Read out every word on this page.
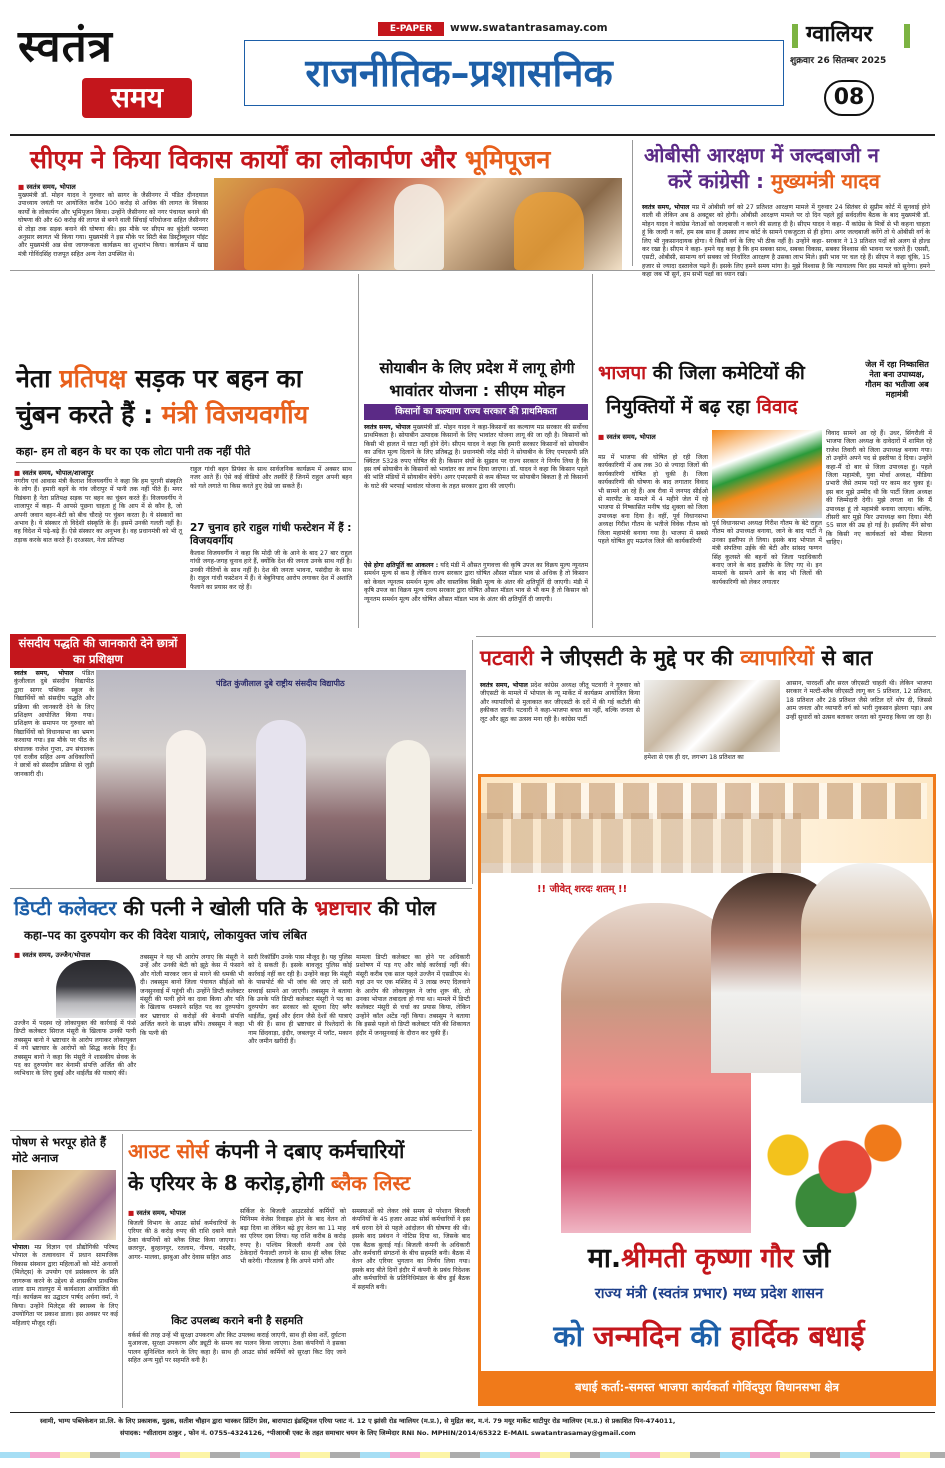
स्वतंत्र
समय
E-PAPER	www.swatantrasamay.com
राजनीतिक–प्रशासनिक
ग्वालियर
शुक्रवार 26 सितम्बर 2025
08
सीएम ने किया विकास कार्यों का लोकार्पण और भूमिपूजन
■ स्वतंत्र समय, भोपाल
मुख्यमंत्री डॉ. मोहन यादव ने गुरुवार को सागर के जैसीनगर में पंडित दीनदयाल उपाध्याय जयंती पर आयोजित करीब 100 करोड़ से अधिक की लागत के विकास कार्यों के लोकार्पण और भूमिपूजन किया। उन्होंने जैसीनगर को नगर पंचायत बनाने की घोषणा की और 60 करोड़ की लागत से बनने वाली सिंचाई परियोजना सहित जैसीनगर से तोड़ा तक सड़क बनाने की घोषणा की। इस मौके पर सीएम का बुंदेली परम्परा अनुसार स्वागत भी किया गया। मुख्यमंत्री ने इस मौके पर सिटी बेस डिस्ट्रीब्यूशन पॉइंट और मुख्यमंत्री अन्न सेवा जागरूकता कार्यक्रम का शुभारंभ किया। कार्यक्रम में खाद्य मंत्री गोविंदसिंह राजपूत सहित अन्य नेता उपस्थित थे।
ओबीसी आरक्षण में जल्दबाजी न
करें कांग्रेसी : मुख्यमंत्री यादव
स्वतंत्र समय, भोपाल मप्र में ओबीसी वर्ग को 27 प्रतिशत आरक्षण मामले में गुरुवार 24 सितंबर से सुप्रीम कोर्ट में सुनवाई होने वाली थी लेकिन अब 8 अक्टूबर को होगी। ओबीसी आरक्षण मामले पर दो दिन पहले हुई सर्वदलीय बैठक के बाद मुख्यमंत्री डॉ. मोहन यादव ने कांग्रेस नेताओं को जल्दबाजी न करने की सलाह दी है। सीएम यादव ने कहा- मैं कांग्रेस के मित्रों से भी कहना चाहता हूं कि जल्दी न करें, हम सब साथ हैं उसका लाभ कोर्ट के सामने एकजुटता से ही होगा। अगर जल्दबाजी करेंगे तो ये ओबीसी वर्ग के लिए भी नुकसानदायक होगा। ये किसी वर्ग के लिए भी ठीक नहीं है। उन्होंने कहा- सरकार ने 13 प्रतिशत पदों को अलग से होल्ड कर रखा है। सीएम ने कहा- हमने यह कहा है कि हम सबका साथ, सबका विकास, सबका विश्वास की भावना पर चलते हैं। एससी, एसटी, ओबीसी, सामान्य वर्ग सबका जो निर्धारित आरक्षण है उसका लाभ मिले। इसी भाव पर चल रहे हैं। सीएम ने कहा चूंकि, 15 हजार से ज्यादा दस्तावेज पढ़ने हैं। इसके लिए हमने समय मांगा है। मुझे विश्वास है कि न्यायालय फिर इस मामले को सुनेगा। हमने कहा जब भी सुनें, हम सभी पक्षों का ध्यान रखें।
नेता प्रतिपक्ष सड़क पर बहन का
चुंबन करते हैं : मंत्री विजयवर्गीय
कहा- हम तो बहन के घर का एक लोटा पानी तक नहीं पीते
■ स्वतंत्र समय, भोपाल/शाजापुर
नगरीय एवं आवास मंत्री कैलाश विजयवर्गीय ने कहा कि हम पुरानी संस्कृति के लोग हैं। हमारी बहनें के गांव जीरापुर में पानी तक नहीं पीते हैं। मगर विडंबना है नेता प्रतिपक्ष सड़क पर बहन का चुंबन करते हैं। विजयवर्गीय ने शाजापुर में कहा- मैं आपसे पूछना चाहता हूं कि आप में से कौन है, जो अपनी जवान बहन-बेटी को बीच चौराहे पर चुंबन करता है। ये संस्कारों का अभाव है। ये संस्कार तो विदेशी संस्कृति के हैं। इसमें उनकी गलती नहीं है। वह विदेश में पढ़े-बढ़े हैं। ऐसे संस्कार का अनुभव है। वह प्रधानमंत्री को भी तू तड़ाक करके बात करते हैं। दरअसल, नेता प्रतिपक्ष
राहुल गांधी बहन प्रियंका के साथ सार्वजनिक कार्यक्रम में अक्सर साथ नजर आते हैं। ऐसे कई वीडियो और तस्वीरें हैं जिनमें राहुल अपनी बहन को गले लगाते या किस करते हुए देखे जा सकते हैं।
27 चुनाव हारे राहुल गांधी फस्टेशन में हैं : विजयवर्गीय
कैलाश विजयवर्गीय ने कहा कि मोदी जी के आने के बाद 27 बार राहुल गांधी जगह-जगह चुनाव हारे हैं, क्योंकि देश की जनता उनके साथ नहीं है। उनकी नीतियों के साथ नहीं है। देश की जनता भावना, पसंदीदा के साथ है। राहुल गांधी फस्टेशन में हैं। वे बेबुनियाद आरोप लगाकर देश में अशांति फैलाने का प्रयास कर रहे हैं।
सोयाबीन के लिए प्रदेश में लागू होगी
भावांतर योजना : सीएम मोहन
किसानों का कल्याण राज्य सरकार की प्राथमिकता
स्वतंत्र समय, भोपाल मुख्यमंत्री डॉ. मोहन यादव ने कहा-किसानों का कल्याण मप्र सरकार की सर्वोच्च प्राथमिकता है। सोयाबीन उत्पादक किसानों के लिए भावांतर योजना लागू की जा रही है। किसानों को किसी भी हालत में घाटा नहीं होने देंगे। सीएम यादव ने कहा कि हमारी सरकार किसानों को सोयाबीन का उचित मूल्य दिलाने के लिए प्रतिबद्ध है। प्रधानमंत्री नरेंद्र मोदी ने सोयाबीन के लिए एमएसपी प्रति क्विंटल 5328 रुपए घोषित की है। किसान संघों के सुझाव पर राज्य सरकार ने निर्णय लिया है कि इस वर्ष सोयाबीन के किसानों को भावांतर का लाभ दिया जाएगा। डॉ. यादव ने कहा कि किसान पहले की भांति मंडियों में सोयाबीन बेचेंगे। अगर एमएसपी से कम कीमत पर सोयाबीन बिकता है तो किसानों के घाटे की भरपाई भावांतर योजना के तहत सरकार द्वारा की जाएगी।
ऐसे होगा क्षतिपूर्ति का आकलन : यदि मंडी में औसत गुणवत्ता की कृषि उपज का विक्रय मूल्य न्यूनतम समर्थन मूल्य से कम है लेकिन राज्य सरकार द्वारा घोषित औसत मॉडल भाव से अधिक है तो किसान को केवल न्यूनतम समर्थन मूल्य और वास्तविक बिक्री मूल्य के अंतर की क्षतिपूर्ति दी जाएगी। मंडी में कृषि उपज का विक्रय मूल्य राज्य सरकार द्वारा घोषित औसत मॉडल भाव से भी कम है तो किसान को न्यूनतम समर्थन मूल्य और घोषित औसत मॉडल भाव के अंतर की क्षतिपूर्ति दी जाएगी।
भाजपा की जिला कमेटियों की
नियुक्तियों में बढ़ रहा विवाद
जेल में रहा निष्कासित नेता बना उपाध्यक्ष, गौतम का भतीजा अब महामंत्री
■ स्वतंत्र समय, भोपाल
मप्र में भाजपा की घोषित हो रही जिला कार्यकारिणी में अब तक 30 से ज्यादा जिलों की कार्यकारिणी घोषित हो चुकी है। जिला कार्यकारिणी की घोषणा के बाद लगातार विवाद भी सामने आ रहे हैं। अब रीवा में जनपद सीईओ से मारपीट के मामले में 4 महीने जेल में रहे भाजपा से निष्कासित मनीष चंद्र शुक्ला को जिला उपाध्यक्ष बना दिया है। वहीं, पूर्व विधानसभा अध्यक्ष गिरीश गौतम के भतीजे विवेक गौतम को जिला महामंत्री बनाया गया है। भाजपा में सबसे पहले घोषित हुए मऊगंज जिले की कार्यकारिणी
पूर्व विधानसभा अध्यक्ष गिरीश गौतम के बेटे राहुल गौतम को उपाध्यक्ष बनाया, जाने के बाद पार्टी ने उनका इस्तीफा ले लिया। इसके बाद भोपाल में मंत्री संपतिया उईके की बेटी और सांसद फग्गन सिंह कुलस्ते की बहनों को जिला पदाधिकारी बनाए जाने के बाद इस्तीफे के लिए गए थे। इन मामलों के सामने आने के बाद भी जिलों की कार्यकारिणी को लेकर लगातार
विवाद सामने आ रहे हैं। उधर, सिंगरौली में भाजपा जिला अध्यक्ष के दावेदारों में शामिल रहे राजेश तिवारी को जिला उपाध्यक्ष बनाया गया। तो उन्होंने अपने पद से इस्तीफा दे दिया। उन्होंने कहा-मैं दो बार से जिला उपाध्यक्ष हूं। पहले जिला महामंत्री, युवा मोर्चा अध्यक्ष, मीडिया प्रभारी जैसे तमाम पदों पर काम कर चुका हूं। इस बार मुझे उम्मीद थी कि पार्टी जिला अध्यक्ष की जिम्मेदारी देगी। मुझे लगता था कि मैं उपाध्यक्ष हूं तो महामंत्री बनाया जाएगा। बल्कि, तीसरी बार मुझे फिर उपाध्यक्ष बना दिया। मेरी 55 साल की उम्र हो गई है। इसलिए मैंने सोचा कि किसी नए कार्यकर्ता को मौका मिलना चाहिए।
संसदीय पद्धति की जानकारी देने छात्रों का प्रशिक्षण
स्वतंत्र समय, भोपाल पंडित कुंजीलाल दुबे संसदीय विद्यापीठ द्वारा सागर पब्लिक स्कूल के विद्यार्थियों को संसदीय पद्धति और प्रक्रिया की जानकारी देने के लिए प्रशिक्षण आयोजित किया गया। प्रशिक्षण के समापन पर गुरुवार को विद्यार्थियों को विधानसभा का भ्रमण करवाया गया। इस मौके पर पीठ के संचालक राजेश गुप्ता, उप संचालक एवं राजीव सहित अन्य अधिकारियों ने छात्रों को संसदीय प्रक्रिया से जुड़ी जानकारी दी।
पंडित कुंजीलाल दुबे राष्ट्रीय संसदीय विद्यापीठ
पटवारी ने जीएसटी के मुद्दे पर की व्यापारियों से बात
स्वतंत्र समय, भोपाल प्रदेश कांग्रेस अध्यक्ष जीतू पटवारी ने गुरुवार को जीएसटी के मामले में भोपाल के न्यू मार्केट में कार्यक्रम आयोजित किया और व्यापारियों से मुलाकात कर जीएसटी के दरों में की गई कटौती की हकीकत जानी। पटवारी ने कहा-भाजपा बचत का नहीं, बल्कि जनता से लूट और झूठ का उत्सव मना रही है। कांग्रेस पार्टी
हमेशा से एक ही दर, लगभग 18 प्रतिशत का
आसान, पारदर्शी और सरल जीएसटी चाहती थी। लेकिन भाजपा सरकार ने मल्टी-स्लैब जीएसटी लागू कर 5 प्रतिशत, 12 प्रतिशत, 18 प्रतिशत और 28 प्रतिशत जैसे जटिल दरें थोप दी, जिससे आम जनता और व्यापारी वर्ग को भारी नुकसान झेलना पड़ा। अब उन्हीं सुधारों को उत्सव बताकर जनता को गुमराह किया जा रहा है।
!! जीवेत् शरदः शतम् !!
मा.श्रीमती कृष्णा गौर जी
राज्य मंत्री (स्वतंत्र प्रभार) मध्य प्रदेश शासन
को जन्मदिन की हार्दिक बधाई
बधाई कर्ता:-समस्त भाजपा कार्यकर्ता गोविंदपुरा विधानसभा क्षेत्र
डिप्टी कलेक्टर की पत्नी ने खोली पति के भ्रष्टाचार की पोल
कहा–पद का दुरुपयोग कर की विदेश यात्राएं, लोकायुक्त जांच लंबित
■ स्वतंत्र समय, उज्जैन/भोपाल
उज्जैन में पदस्थ रहे लोकायुक्त की कार्रवाई में फंसे डिप्टी कलेक्टर सिराज मंसूरी के खिलाफ उनकी पत्नी तबस्सुम बानो ने भ्रष्टाचार के आरोप लगाकर लोकायुक्त में नये भ्रष्टाचार के आरोपों को सिद्ध करके दिए हैं। तबस्सुम बानो ने कहा कि मंसूरी ने शासकीय सेवक के पद का दुरुपयोग कर बेनामी संपत्ति अर्जित की और व्यभिचार के लिए दुबई और थाईलैंड की यात्राएं कीं।
तबस्सुम ने यह भी आरोप लगाए कि मंसूरी ने उन्हें और उनकी बेटी को झूठे केस में फंसाने और गोली मारकर जान से मारने की धमकी भी दी। तबस्सुम बानो जिला पंचायत सीईओ को जनसुनवाई में पहुंची थी। उन्होंने डिप्टी कलेक्टर मंसूरी की पत्नी होने का दावा किया और पति के खिलाफ धमकाने सहित पद का दुरुपयोग कर भ्रष्टाचार से करोड़ों की बेनामी संपत्ति अर्जित करने के साक्ष्य सौंपे। तबस्सुम ने कहा कि पत्नी की
सारी रिकॉर्डिंग उनके पास मौजूद है। यह पुलिस को दे सकती हैं। इसके बावजूद पुलिस कोई कार्रवाई नहीं कर रही है। उन्होंने कहा कि मंसूरी के पासपोर्ट की भी जांच की जाए तो सारी सच्चाई सामने आ जाएगी। तबस्सुम ने बताया कि उनके पति डिप्टी कलेक्टर मंसूरी ने पद का दुरुपयोग कर सरकार को सूचना दिए बगैर थाईलैंड, दुबई और ईरान जैसे देशों की यात्राएं भी की हैं। साथ ही भ्रष्टाचार से रिश्तेदारों के नाम छिंदवाड़ा, इंदौर, जबलपुर में प्लॉट, मकान और जमीन खरीदी हैं।
मामला डिप्टी कलेक्टर का होने पर अधिकारी प्रशोषण में पड़ गए और कोई कार्रवाई नहीं की। मंसूरी करीब एक साल पहले उज्जैन में एसडीएम थे। यहां उन पर एक मस्जिद में 3 लाख रुपए दिलवाने के आरोप की लोकायुक्त ने जांच शुरू की, तो उनका भोपाल तबादला हो गया था। मामले में डिप्टी कलेक्टर मंसूरी से चर्चा का प्रयास किया, लेकिन उन्होंने कॉल अटेंड नहीं किया। तबस्सुम ने बताया कि इससे पहले वो डिप्टी कलेक्टर पति की शिकायत इंदौर में जनसुनवाई के दौरान कर चुकी हैं।
पोषण से भरपूर होते हैं मोटे अनाज
भोपाल। मप्र विज्ञान एवं प्रौद्योगिकी परिषद भोपाल के तत्वावधान में प्रधान सामाजिक विकास संस्थान द्वारा महिलाओं को मोटे अनाजों (मिलेट्स) के उपयोग एवं प्रसंस्करण के प्रति जागरूक करने के उद्देश्य से शासकीय प्राथमिक शाला ग्राम तालपुरा में कार्यशाला आयोजित की गई। कार्यक्रम का उद्घाटन पार्षद अर्चना वर्मा, ने किया। उन्होंने मिलेट्स की स्वास्थ्य के लिए उपयोगिता पर प्रकाश डाला। इस अवसर पर कई महिलाएं मौजूद रहीं।
आउट सोर्स कंपनी ने दबाए कर्मचारियों
के एरियर के 8 करोड़,होगी ब्लैक लिस्ट
■ स्वतंत्र समय, भोपाल
बिजली विभाग के आउट सोर्स कर्मचारियों के एरियर की 8 करोड़ रुपए की राशि दबाने वाले ठेका कंपनियों को ब्लैक लिस्ट किया जाएगा। छतरपुर, बुरहानपुर, रतलाम, नीमच, मंदसौर, आगर- मालवा, झाबुआ और देवास सहित आठ
सर्किल के बिजली आउटसोर्स कर्मियों को मिनिमम वेजेस रिवाइस होने के बाद वेतन तो बढ़ा दिया था लेकिन बढ़े हुए वेतन का 11 माह का एरियर दबा लिया। यह राशि करीब 8 करोड़ रुपए है। पश्चिम बिजली कंपनी अब ऐसे ठेकेदारों पैनाल्टी लगाने के साथ ही ब्लैक लिस्ट भी करेगी। गौरतलब है कि अपने मांगों और
समस्याओं को लेकर लंबे समय से परेशान बिजली कंपनियों के 45 हजार आउट सोर्स कर्मचारियों ने इस वर्ष धरना देने से पहले आंदोलन की घोषणा की थी। इसके बाद प्रबंधन ने नोटिस दिया था, जिसके बाद एक बैठक बुलाई गई। बिजली कंपनी के अधिकारी और कर्मचारी संगठनों के बीच सहमति बनी। बैठक में वेतन और एरियर भुगतान का निर्णय लिया गया। इसके बाद बीते दिनों इंदौर में कंपनी के प्रबंध निदेशक और कर्मचारियों के प्रतिनिधिमंडल के बीच हुई बैठक में सहमति बनी।
किट उपलब्ध कराने बनी है सहमति
वर्कर्स की तरह उन्हें भी सुरक्षा उपकरण और किट उपलब्ध कराई जाएगी, साथ ही सेवा शर्तें, दुर्घटना मुआवजा, सुरक्षा उपकरण और ड्यूटी के समय का पालन किया जाएगा। ठेका कंपनियों ने इसका पालन सुनिश्चित करने के लिए कहा है। साथ ही आउट सोर्स कर्मियों को सुरक्षा किट दिए जाने सहित अन्य मुद्दों पर सहमति बनी है।
स्वामी, भाग्य पब्लिकेशन प्रा.लि. के लिए प्रकाशक, मुद्रक, सतीश चौहान द्वारा भास्कर प्रिंटिंग प्रेस, बारापाटा इंडस्ट्रियल एरिया प्लाट नं. 12 ए झांसी रोड ग्वालियर (म.प्र.), से मुद्रित कर, म.नं. 79 मयूर मार्केट थाटीपुर रोड ग्वालियर (म.प्र.) से प्रकाशित पिन-474011,
संपादक: *सीताराम ठाकुर , फोन नं. 0755-4324126, *पीआरबी एक्ट के तहत समाचार चयन के लिए जिम्मेदार RNI No. MPHIN/2014/65322 E-MAIL swatantrasamay@gmail.com
